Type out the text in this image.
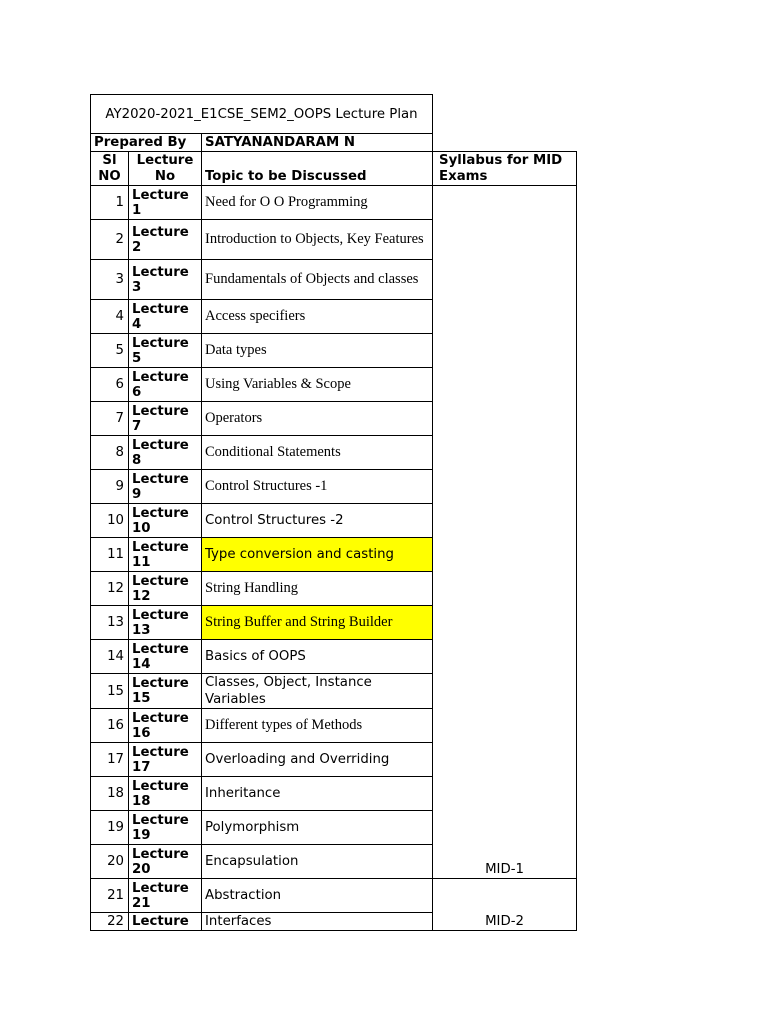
AY2020-2021_E1CSE_SEM2_OOPS Lecture Plan			
Prepared By		SATYANANDARAM N	
Sl NO	Lecture No	Topic to be Discussed	Syllabus for MID Exams
1	Lecture 1	Need for O O Programming	MID-1
2	Lecture 2	Introduction to Objects, Key Features	
3	Lecture 3	Fundamentals of Objects and classes	
4	Lecture 4	Access specifiers	
5	Lecture 5	Data types	
6	Lecture 6	Using Variables & Scope	
7	Lecture 7	Operators	
8	Lecture 8	Conditional Statements	
9	Lecture 9	Control Structures -1	
10	Lecture 10	Control Structures -2	
11	Lecture 11	Type conversion and casting	
12	Lecture 12	String Handling	
13	Lecture 13	String Buffer and String Builder	
14	Lecture 14	Basics of OOPS	
15	Lecture 15	Classes, Object, Instance Variables	
16	Lecture 16	Different types of Methods	
17	Lecture 17	Overloading and Overriding	
18	Lecture 18	Inheritance	
19	Lecture 19	Polymorphism	
20	Lecture 20	Encapsulation	
21	Lecture 21	Abstraction	MID-2
22	Lecture	Interfaces	
